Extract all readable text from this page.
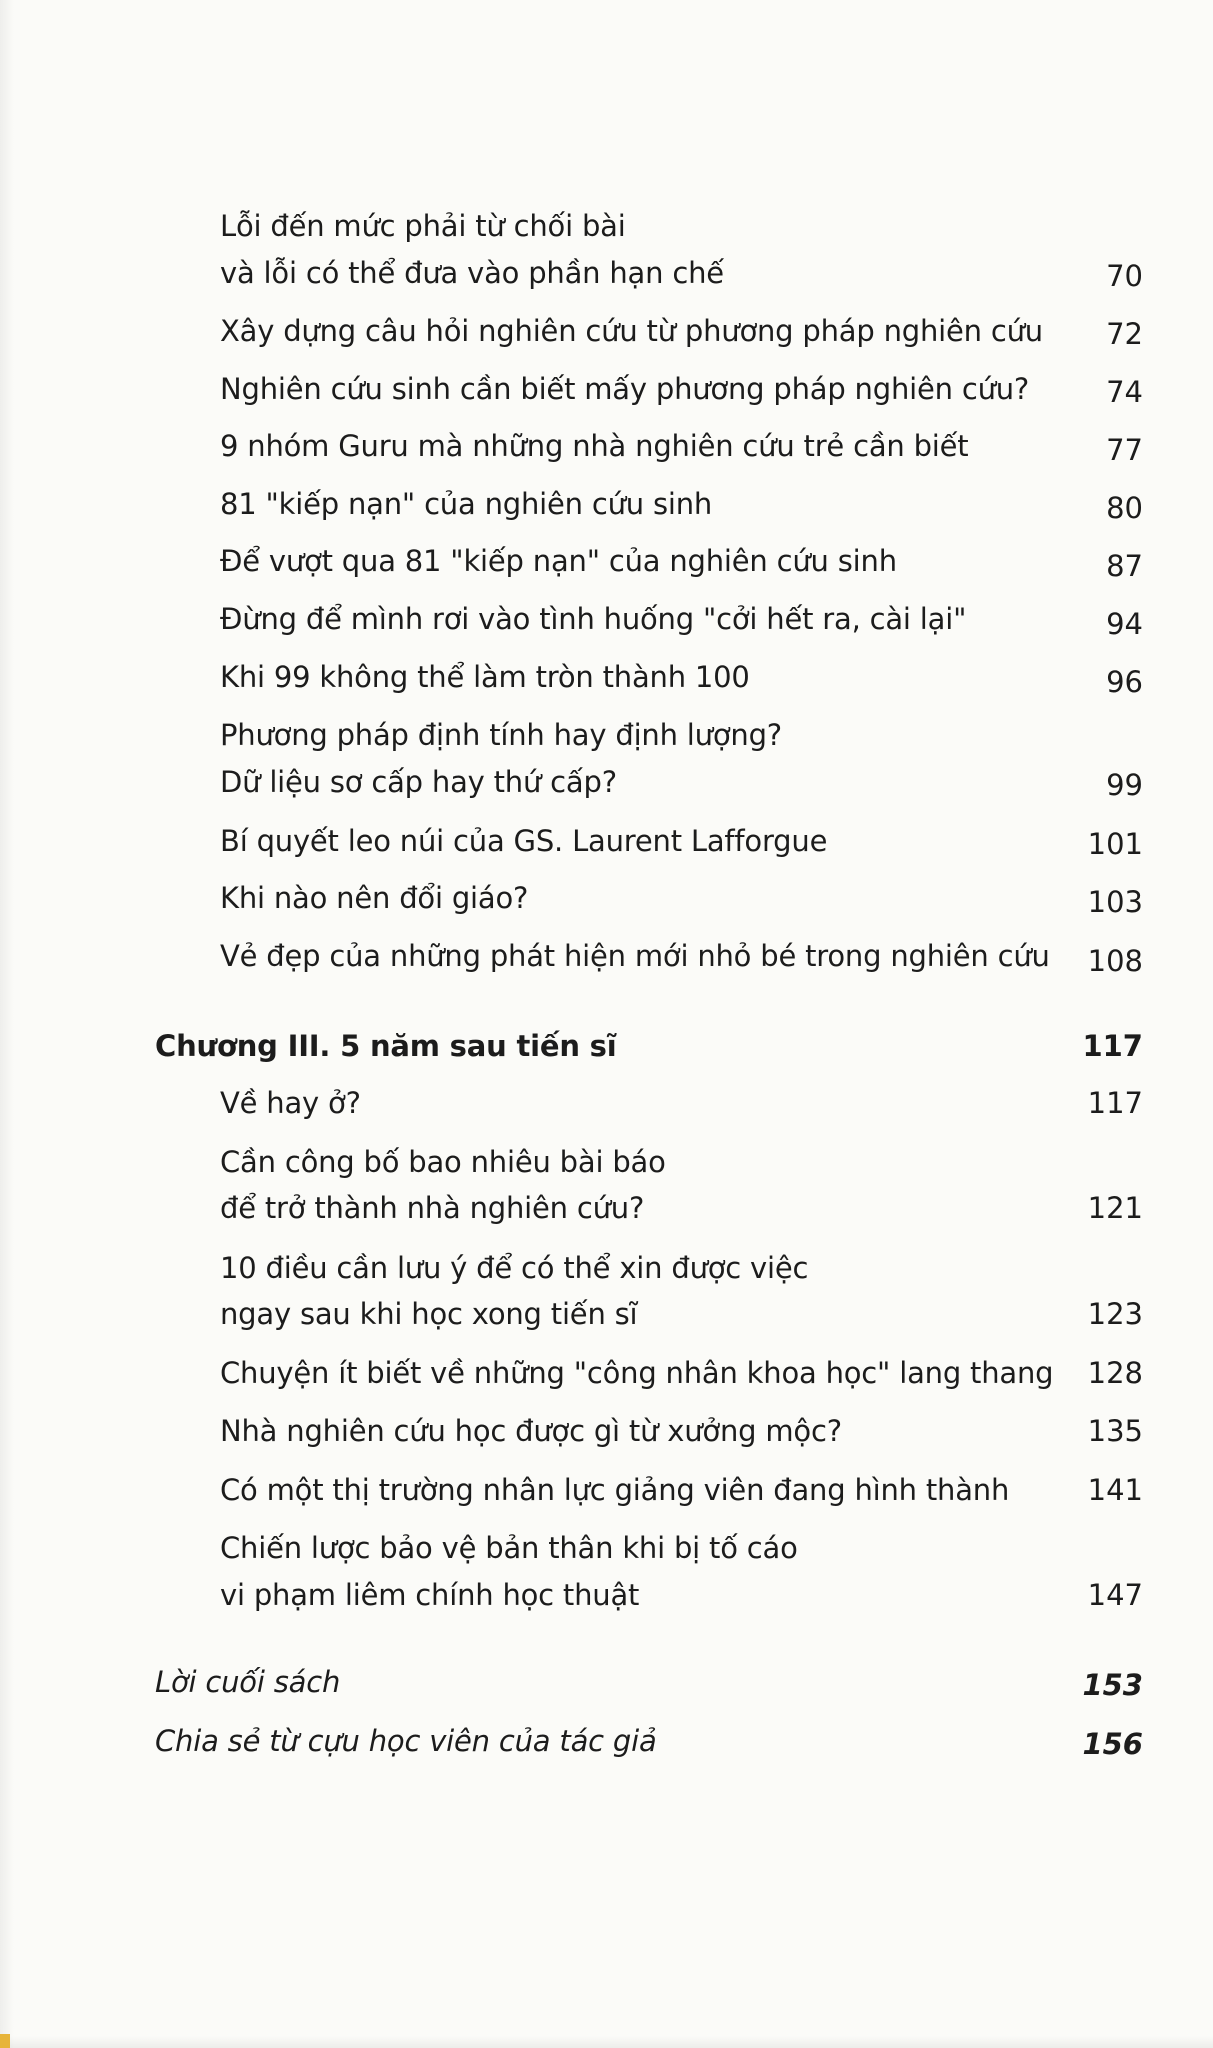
Lỗi đến mức phải từ chối bài
và lỗi có thể đưa vào phần hạn chế	70
Xây dựng câu hỏi nghiên cứu từ phương pháp nghiên cứu 72
Nghiên cứu sinh cần biết mấy phương pháp nghiên cứu?	74
9 nhóm Guru mà những nhà nghiên cứu trẻ cần biết	77
81 "kiếp nạn" của nghiên cứu sinh	80
Để vượt qua 81 "kiếp nạn" của nghiên cứu sinh	87
Đừng để mình rơi vào tình huống "cởi hết ra, cài lại"	94
Khi 99 không thể làm tròn thành 100	96
Phương pháp định tính hay định lượng?
Dữ liệu sơ cấp hay thứ cấp?	99
Bí quyết leo núi của GS. Laurent Lafforgue	101
Khi nào nên đổi giáo?	103
Vẻ đẹp của những phát hiện mới nhỏ bé trong nghiên cứu 108
Chương III. 5 năm sau tiến sĩ	117
Về hay ở?	117
Cần công bố bao nhiêu bài báo
để trở thành nhà nghiên cứu?	121
10 điều cần lưu ý để có thể xin được việc
ngay sau khi học xong tiến sĩ	123
Chuyện ít biết về những "công nhân khoa học" lang thang 128
Nhà nghiên cứu học được gì từ xưởng mộc?	135
Có một thị trường nhân lực giảng viên đang hình thành	141
Chiến lược bảo vệ bản thân khi bị tố cáo
vi phạm liêm chính học thuật	147
Lời cuối sách	153
Chia sẻ từ cựu học viên của tác giả	156
